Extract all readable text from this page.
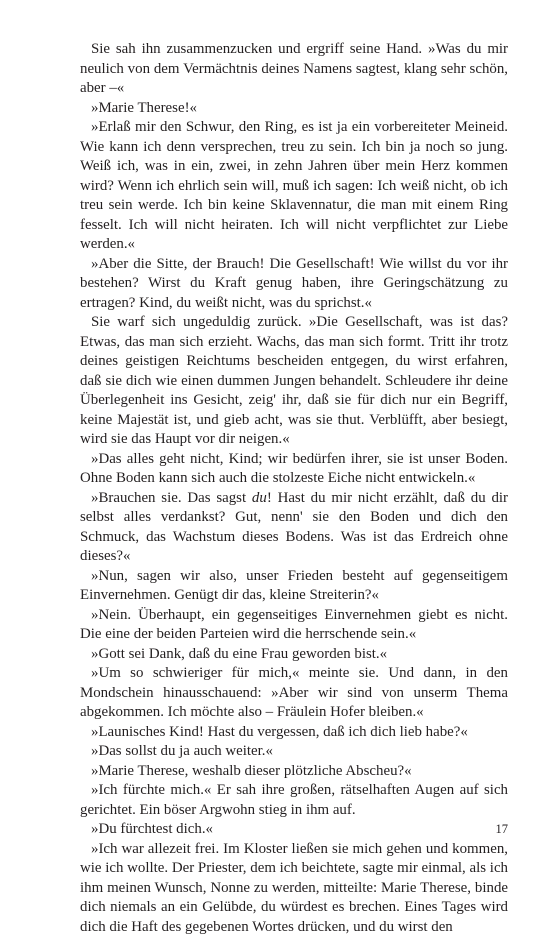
Sie sah ihn zusammenzucken und ergriff seine Hand. »Was du mir neulich von dem Vermächtnis deines Namens sagtest, klang sehr schön, aber –«

»Marie Therese!«

»Erlaß mir den Schwur, den Ring, es ist ja ein vorbereiteter Meineid. Wie kann ich denn versprechen, treu zu sein. Ich bin ja noch so jung. Weiß ich, was in ein, zwei, in zehn Jahren über mein Herz kommen wird? Wenn ich ehrlich sein will, muß ich sagen: Ich weiß nicht, ob ich treu sein werde. Ich bin keine Sklavennatur, die man mit einem Ring fesselt. Ich will nicht heiraten. Ich will nicht verpflichtet zur Liebe werden.«

»Aber die Sitte, der Brauch! Die Gesellschaft! Wie willst du vor ihr bestehen? Wirst du Kraft genug haben, ihre Geringschätzung zu ertragen? Kind, du weißt nicht, was du sprichst.«

Sie warf sich ungeduldig zurück. »Die Gesellschaft, was ist das? Etwas, das man sich erzieht. Wachs, das man sich formt. Tritt ihr trotz deines geistigen Reichtums bescheiden entgegen, du wirst erfahren, daß sie dich wie einen dummen Jungen behandelt. Schleudere ihr deine Überlegenheit ins Gesicht, zeig' ihr, daß sie für dich nur ein Begriff, keine Majestät ist, und gieb acht, was sie thut. Verblüfft, aber besiegt, wird sie das Haupt vor dir neigen.«

»Das alles geht nicht, Kind; wir bedürfen ihrer, sie ist unser Boden. Ohne Boden kann sich auch die stolzeste Eiche nicht entwickeln.«

»Brauchen sie. Das sagst du! Hast du mir nicht erzählt, daß du dir selbst alles verdankst? Gut, nenn' sie den Boden und dich den Schmuck, das Wachstum dieses Bodens. Was ist das Erdreich ohne dieses?«

»Nun, sagen wir also, unser Frieden besteht auf gegenseitigem Einvernehmen. Genügt dir das, kleine Streiterin?«

»Nein. Überhaupt, ein gegenseitiges Einvernehmen giebt es nicht. Die eine der beiden Parteien wird die herrschende sein.«

»Gott sei Dank, daß du eine Frau geworden bist.«

»Um so schwieriger für mich,« meinte sie. Und dann, in den Mondschein hinausschauend: »Aber wir sind von unserm Thema abgekommen. Ich möchte also – Fräulein Hofer bleiben.«

»Launisches Kind! Hast du vergessen, daß ich dich lieb habe?«

»Das sollst du ja auch weiter.«

»Marie Therese, weshalb dieser plötzliche Abscheu?«

»Ich fürchte mich.« Er sah ihre großen, rätselhaften Augen auf sich gerichtet. Ein böser Argwohn stieg in ihm auf.

»Du fürchtest dich.«

»Ich war allezeit frei. Im Kloster ließen sie mich gehen und kommen, wie ich wollte. Der Priester, dem ich beichtete, sagte mir einmal, als ich ihm meinen Wunsch, Nonne zu werden, mitteilte: Marie Therese, binde dich niemals an ein Gelübde, du würdest es brechen. Eines Tages wird dich die Haft des gegebenen Wortes drücken, und du wirst den

17
